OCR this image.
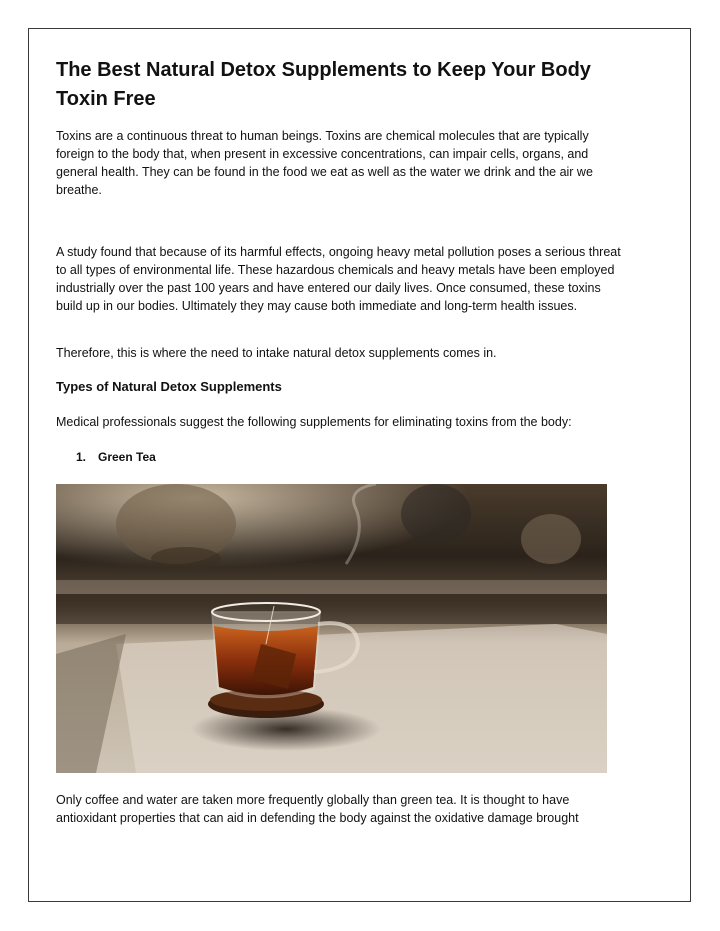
The Best Natural Detox Supplements to Keep Your Body Toxin Free

Toxins are a continuous threat to human beings. Toxins are chemical molecules that are typically foreign to the body that, when present in excessive concentrations, can impair cells, organs, and general health. They can be found in the food we eat as well as the water we drink and the air we breathe.

A study found that because of its harmful effects, ongoing heavy metal pollution poses a serious threat to all types of environmental life. These hazardous chemicals and heavy metals have been employed industrially over the past 100 years and have entered our daily lives. Once consumed, these toxins build up in our bodies. Ultimately they may cause both immediate and long-term health issues.

Therefore, this is where the need to intake natural detox supplements comes in.

Types of Natural Detox Supplements

Medical professionals suggest the following supplements for eliminating toxins from the body:

1. Green Tea

Only coffee and water are taken more frequently globally than green tea. It is thought to have antioxidant properties that can aid in defending the body against the oxidative damage brought
